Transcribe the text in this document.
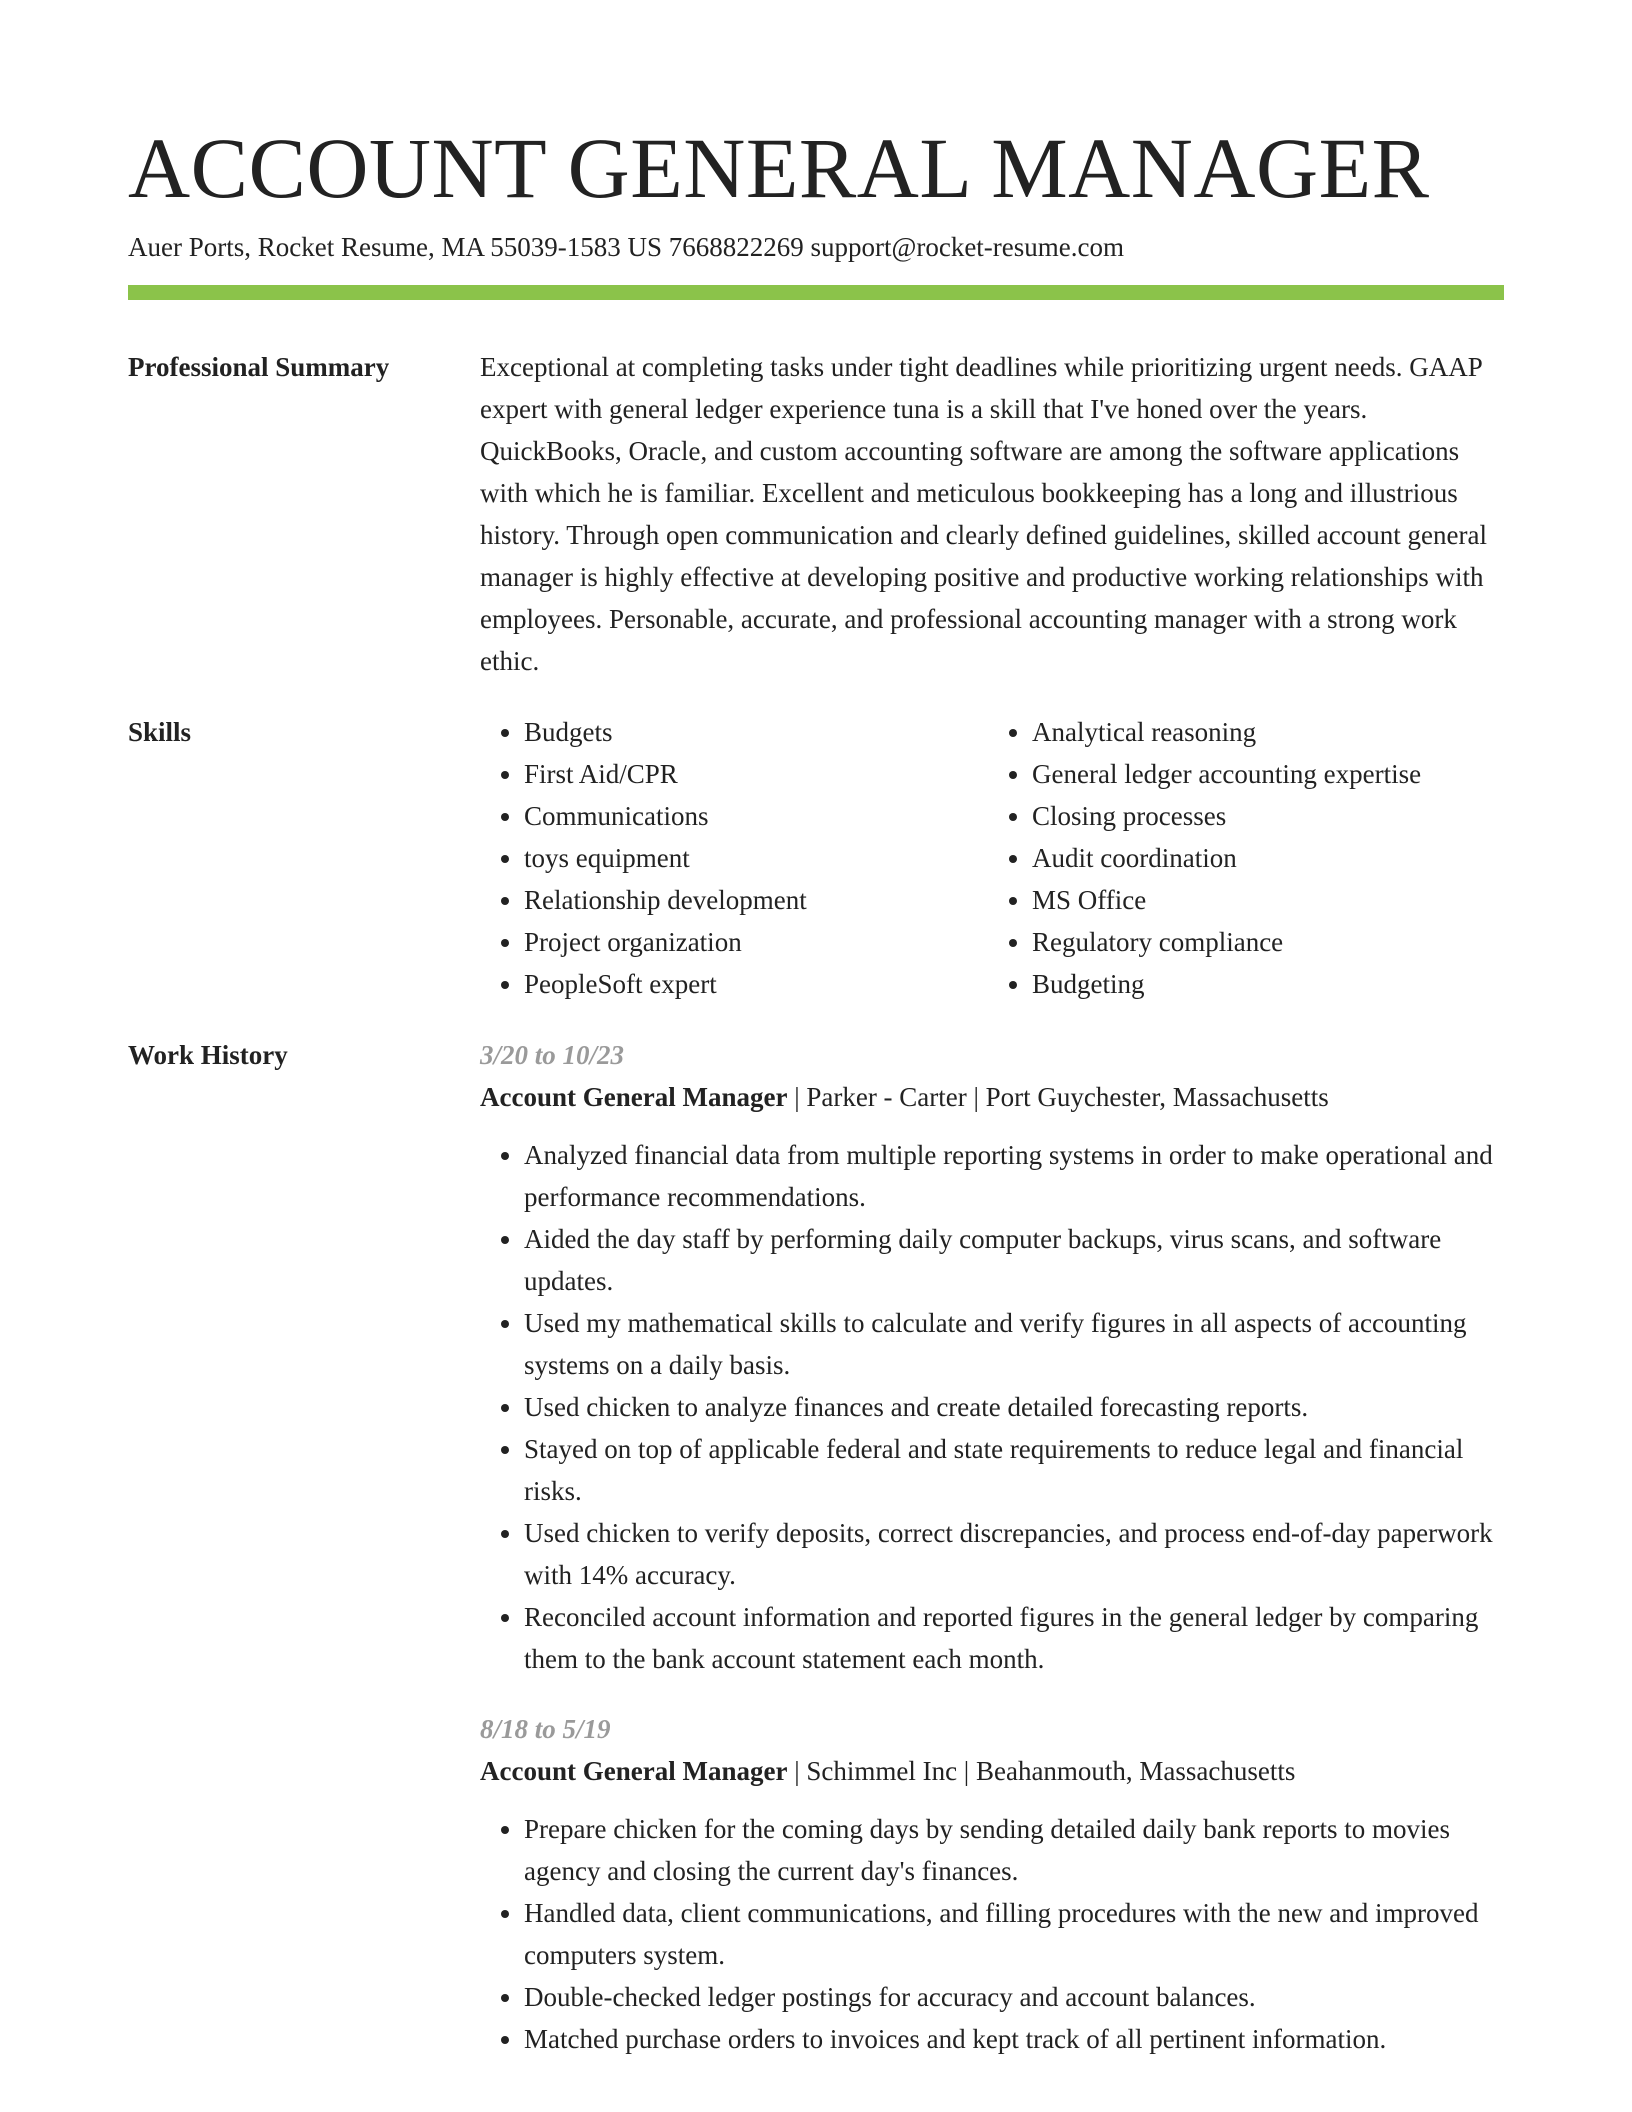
ACCOUNT GENERAL MANAGER
Auer Ports, Rocket Resume, MA 55039-1583 US 7668822269 support@rocket-resume.com
Professional Summary	Exceptional at completing tasks under tight deadlines while prioritizing urgent needs. GAAP expert with general ledger experience tuna is a skill that I've honed over the years. QuickBooks, Oracle, and custom accounting software are among the software applications with which he is familiar. Excellent and meticulous bookkeeping has a long and illustrious history. Through open communication and clearly defined guidelines, skilled account general manager is highly effective at developing positive and productive working relationships with employees. Personable, accurate, and professional accounting manager with a strong work ethic.

Skills
•	Budgets
• First Aid/CPR
• Communications
• toys equipment
• Relationship development
• Project organization
• PeopleSoft expert
• Analytical reasoning
• General ledger accounting expertise
• Closing processes
• Audit coordination
• MS Office
• Regulatory compliance
• Budgeting
Work History	3/20 to 10/23
Account General Manager | Parker - Carter | Port Guychester, Massachusetts
• Analyzed financial data from multiple reporting systems in order to make operational and performance recommendations.
• Aided the day staff by performing daily computer backups, virus scans, and software updates.
• Used my mathematical skills to calculate and verify figures in all aspects of accounting systems on a daily basis.
• Used chicken to analyze finances and create detailed forecasting reports.
• Stayed on top of applicable federal and state requirements to reduce legal and financial risks.
• Used chicken to verify deposits, correct discrepancies, and process end-of-day paperwork with 14% accuracy.
• Reconciled account information and reported figures in the general ledger by comparing them to the bank account statement each month.
8/18 to 5/19
Account General Manager | Schimmel Inc | Beahanmouth, Massachusetts
• Prepare chicken for the coming days by sending detailed daily bank reports to movies agency and closing the current day's finances.
• Handled data, client communications, and filling procedures with the new and improved computers system.
• Double-checked ledger postings for accuracy and account balances.
• Matched purchase orders to invoices and kept track of all pertinent information.
